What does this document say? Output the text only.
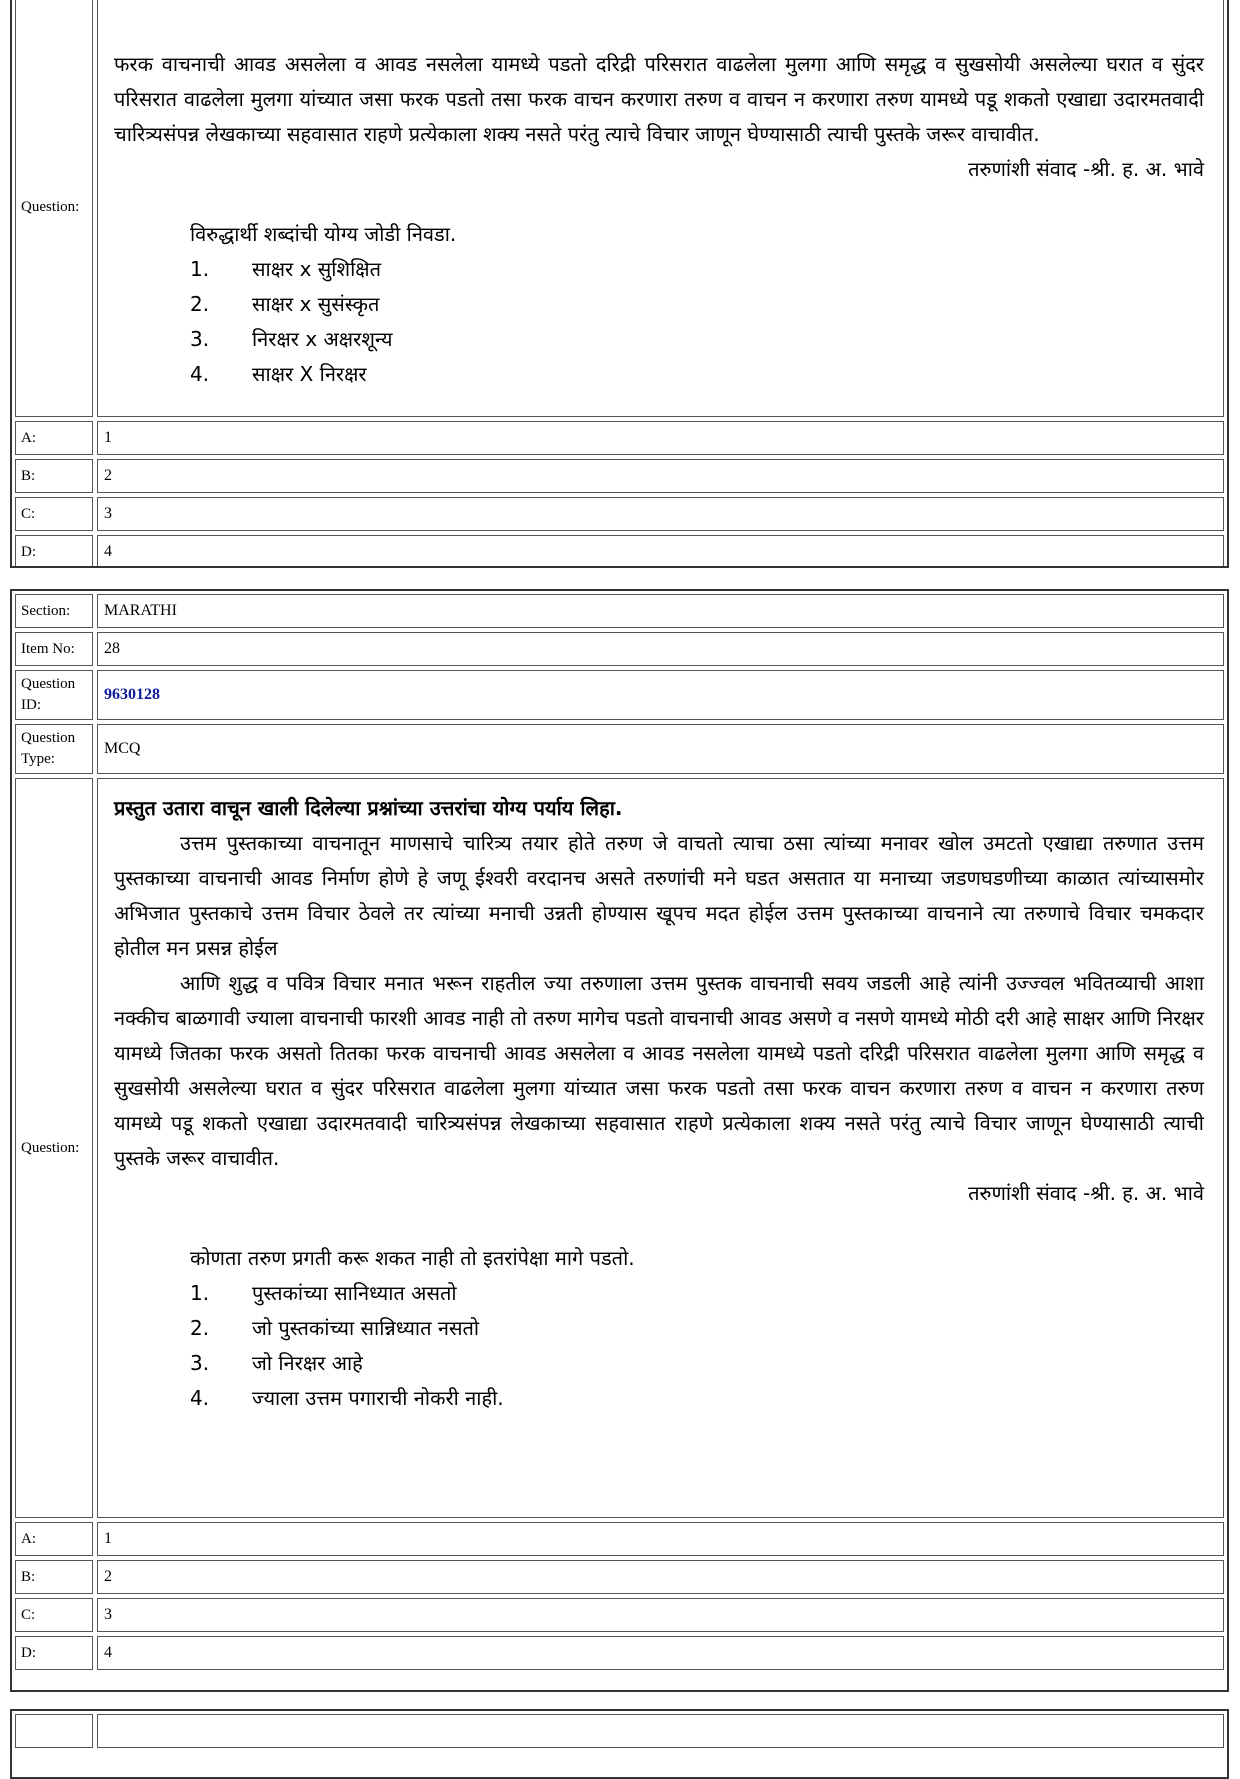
Question:
फरक वाचनाची आवड असलेला व आवड नसलेला यामध्ये पडतो दरिद्री परिसरात वाढलेला मुलगा आणि समृद्ध व सुखसोयी असलेल्या घरात व सुंदर परिसरात वाढलेला मुलगा यांच्यात जसा फरक पडतो तसा फरक वाचन करणारा तरुण व वाचन न करणारा तरुण यामध्ये पडू शकतो एखाद्या उदारमतवादी चारित्र्यसंपन्न लेखकाच्या सहवासात राहणे प्रत्येकाला शक्य नसते परंतु त्याचे विचार जाणून घेण्यासाठी त्याची पुस्तके जरूर वाचावीत.
तरुणांशी संवाद -श्री. ह. अ. भावे
विरुद्धार्थी शब्दांची योग्य जोडी निवडा.
1.	साक्षर x सुशिक्षित
2.	साक्षर x सुसंस्कृत
3.	निरक्षर x अक्षरशून्य
4.	साक्षर X निरक्षर
A:	1
B:	2
C:	3
D:	4
Section:	MARATHI
Item No:	28
Question ID:
9630128
Question Type:
MCQ
Question:
प्रस्तुत उतारा वाचून खाली दिलेल्या प्रश्नांच्या उत्तरांचा योग्य पर्याय लिहा.
उत्तम पुस्तकाच्या वाचनातून माणसाचे चारित्र्य तयार होते तरुण जे वाचतो त्याचा ठसा त्यांच्या मनावर खोल उमटतो एखाद्या तरुणात उत्तम पुस्तकाच्या वाचनाची आवड निर्माण होणे हे जणू ईश्वरी वरदानच असते तरुणांची मने घडत असतात या मनाच्या जडणघडणीच्या काळात त्यांच्यासमोर अभिजात पुस्तकाचे उत्तम विचार ठेवले तर त्यांच्या मनाची उन्नती होण्यास खूपच मदत होईल उत्तम पुस्तकाच्या वाचनाने त्या तरुणाचे विचार चमकदार होतील मन प्रसन्न होईल
आणि शुद्ध व पवित्र विचार मनात भरून राहतील ज्या तरुणाला उत्तम पुस्तक वाचनाची सवय जडली आहे त्यांनी उज्ज्वल भवितव्याची आशा नक्कीच बाळगावी ज्याला वाचनाची फारशी आवड नाही तो तरुण मागेच पडतो वाचनाची आवड असणे व नसणे यामध्ये मोठी दरी आहे साक्षर आणि निरक्षर यामध्ये जितका फरक असतो तितका फरक वाचनाची आवड असलेला व आवड नसलेला यामध्ये पडतो दरिद्री परिसरात वाढलेला मुलगा आणि समृद्ध व सुखसोयी असलेल्या घरात व सुंदर परिसरात वाढलेला मुलगा यांच्यात जसा फरक पडतो तसा फरक वाचन करणारा तरुण व वाचन न करणारा तरुण यामध्ये पडू शकतो एखाद्या उदारमतवादी चारित्र्यसंपन्न लेखकाच्या सहवासात राहणे प्रत्येकाला शक्य नसते परंतु त्याचे विचार जाणून घेण्यासाठी त्याची पुस्तके जरूर वाचावीत.
तरुणांशी संवाद -श्री. ह. अ. भावे
कोणता तरुण प्रगती करू शकत नाही तो इतरांपेक्षा मागे पडतो.
1.	पुस्तकांच्या सानिध्यात असतो
2.	जो पुस्तकांच्या सान्निध्यात नसतो
3.	जो निरक्षर आहे
4.	ज्याला उत्तम पगाराची नोकरी नाही.
A:	1
B:	2
C:	3
D:	4
